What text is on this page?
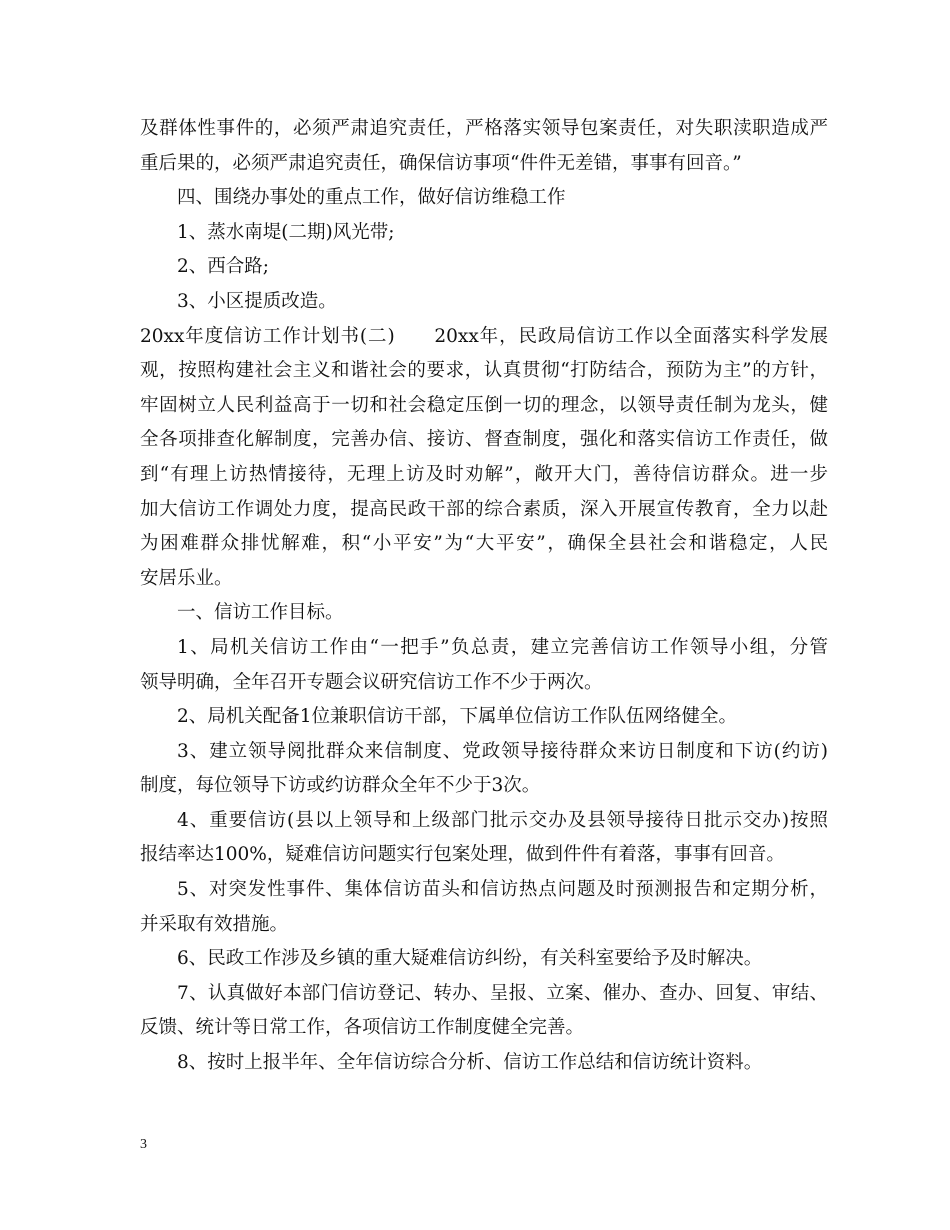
及群体性事件的，必须严肃追究责任，严格落实领导包案责任，对失职渎职造成严
重后果的，必须严肃追究责任，确保信访事项“件件无差错，事事有回音。”
四、围绕办事处的重点工作，做好信访维稳工作
1、蒸水南堤(二期)风光带;
2、西合路;
3、小区提质改造。
20xx年度信访工作计划书(二)　　20xx年，民政局信访工作以全面落实科学发展
观，按照构建社会主义和谐社会的要求，认真贯彻“打防结合，预防为主”的方针，
牢固树立人民利益高于一切和社会稳定压倒一切的理念，以领导责任制为龙头，健
全各项排查化解制度，完善办信、接访、督查制度，强化和落实信访工作责任，做
到“有理上访热情接待，无理上访及时劝解”，敞开大门，善待信访群众。进一步
加大信访工作调处力度，提高民政干部的综合素质，深入开展宣传教育，全力以赴
为困难群众排忧解难，积“小平安”为“大平安”，确保全县社会和谐稳定，人民
安居乐业。
一、信访工作目标。
1、局机关信访工作由“一把手”负总责，建立完善信访工作领导小组，分管
领导明确，全年召开专题会议研究信访工作不少于两次。
2、局机关配备1位兼职信访干部，下属单位信访工作队伍网络健全。
3、建立领导阅批群众来信制度、党政领导接待群众来访日制度和下访(约访)
制度，每位领导下访或约访群众全年不少于3次。
4、重要信访(县以上领导和上级部门批示交办及县领导接待日批示交办)按照
报结率达100%，疑难信访问题实行包案处理，做到件件有着落，事事有回音。
5、对突发性事件、集体信访苗头和信访热点问题及时预测报告和定期分析，
并采取有效措施。
6、民政工作涉及乡镇的重大疑难信访纠纷，有关科室要给予及时解决。
7、认真做好本部门信访登记、转办、呈报、立案、催办、查办、回复、审结、
反馈、统计等日常工作，各项信访工作制度健全完善。
8、按时上报半年、全年信访综合分析、信访工作总结和信访统计资料。
3
